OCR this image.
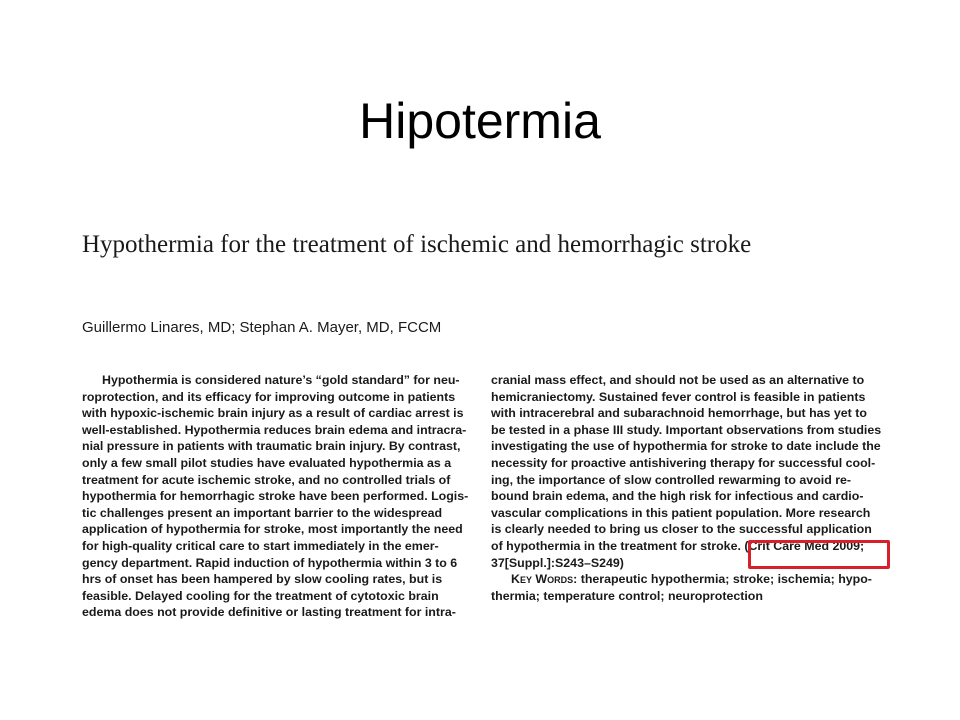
Hipotermia
Hypothermia for the treatment of ischemic and hemorrhagic stroke
Guillermo Linares, MD; Stephan A. Mayer, MD, FCCM
Hypothermia is considered nature’s “gold standard” for neu-
roprotection, and its efficacy for improving outcome in patients
with hypoxic-ischemic brain injury as a result of cardiac arrest is
well-established. Hypothermia reduces brain edema and intracra-
nial pressure in patients with traumatic brain injury. By contrast,
only a few small pilot studies have evaluated hypothermia as a
treatment for acute ischemic stroke, and no controlled trials of
hypothermia for hemorrhagic stroke have been performed. Logis-
tic challenges present an important barrier to the widespread
application of hypothermia for stroke, most importantly the need
for high-quality critical care to start immediately in the emer-
gency department. Rapid induction of hypothermia within 3 to 6
hrs of onset has been hampered by slow cooling rates, but is
feasible. Delayed cooling for the treatment of cytotoxic brain
edema does not provide definitive or lasting treatment for intra-
cranial mass effect, and should not be used as an alternative to
hemicraniectomy. Sustained fever control is feasible in patients
with intracerebral and subarachnoid hemorrhage, but has yet to
be tested in a phase III study. Important observations from studies
investigating the use of hypothermia for stroke to date include the
necessity for proactive antishivering therapy for successful cool-
ing, the importance of slow controlled rewarming to avoid re-
bound brain edema, and the high risk for infectious and cardio-
vascular complications in this patient population. More research
is clearly needed to bring us closer to the successful application
of hypothermia in the treatment for stroke. (Crit Care Med 2009;
37[Suppl.]:S243–S249)
Key Words: therapeutic hypothermia; stroke; ischemia; hypo-
thermia; temperature control; neuroprotection
